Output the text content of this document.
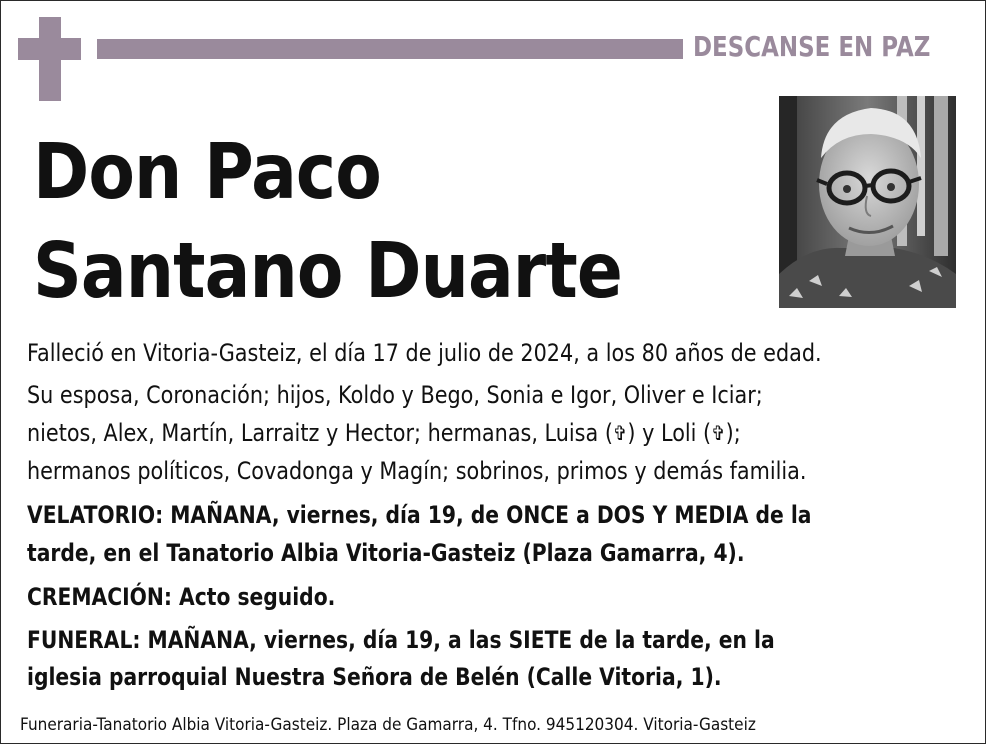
DESCANSE EN PAZ
Don Paco
Santano Duarte
Falleció en Vitoria-Gasteiz, el día 17 de julio de 2024, a los 80 años de edad.
Su esposa, Coronación; hijos, Koldo y Bego, Sonia e Igor, Oliver e Iciar;
nietos, Alex, Martín, Larraitz y Hector; hermanas, Luisa (✞) y Loli (✞);
hermanos políticos, Covadonga y Magín; sobrinos, primos y demás familia.
VELATORIO: MAÑANA, viernes, día 19, de ONCE a DOS Y MEDIA de la
tarde, en el Tanatorio Albia Vitoria-Gasteiz (Plaza Gamarra, 4).
CREMACIÓN: Acto seguido.
FUNERAL: MAÑANA, viernes, día 19, a las SIETE de la tarde, en la
iglesia parroquial Nuestra Señora de Belén (Calle Vitoria, 1).
Funeraria-Tanatorio Albia Vitoria-Gasteiz. Plaza de Gamarra, 4. Tfno. 945120304. Vitoria-Gasteiz
